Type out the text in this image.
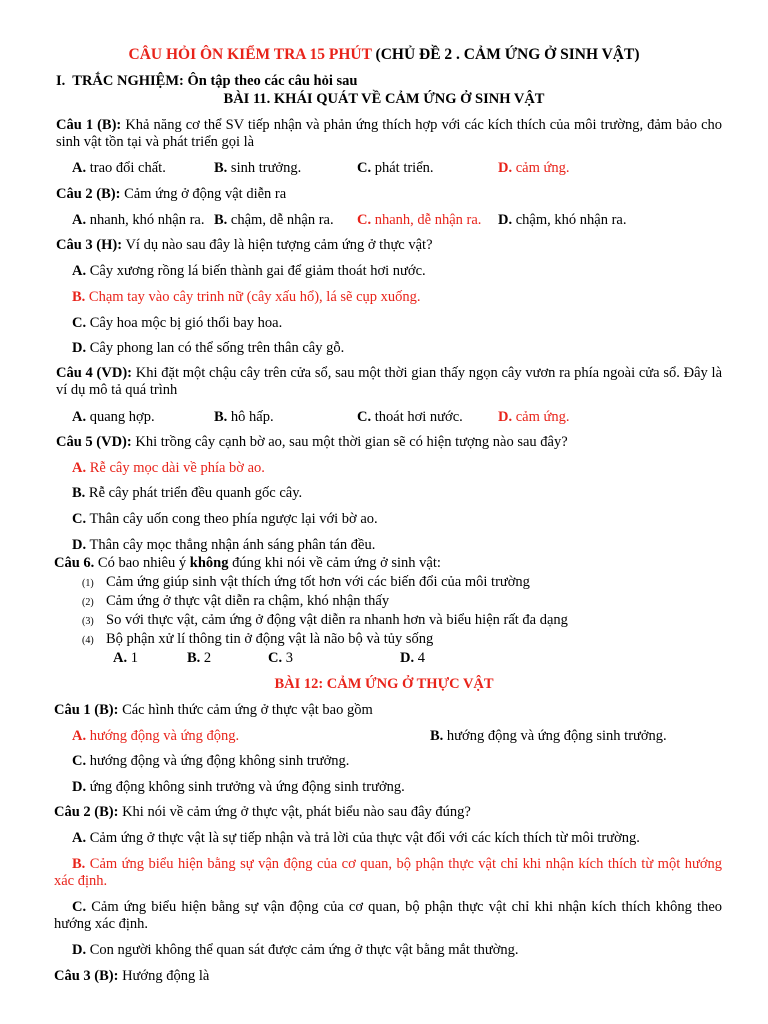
CÂU HỎI ÔN KIỂM TRA 15 PHÚT (CHỦ ĐỀ 2 . CẢM ỨNG Ở SINH VẬT)
I. TRẮC NGHIỆM: Ôn tập theo các câu hỏi sau
BÀI 11. KHÁI QUÁT VỀ CẢM ỨNG Ở SINH VẬT
Câu 1 (B): Khả năng cơ thể SV tiếp nhận và phản ứng thích hợp với các kích thích của môi trường, đảm bảo cho sinh vật tồn tại và phát triển gọi là
A. trao đổi chất.	B. sinh trưởng.	C. phát triển.	D. cảm ứng.
Câu 2 (B): Cảm ứng ở động vật diễn ra
A. nhanh, khó nhận ra. B. chậm, dễ nhận ra. C. nhanh, dễ nhận ra. D. chậm, khó nhận ra.
Câu 3 (H): Ví dụ nào sau đây là hiện tượng cảm ứng ở thực vật?
A. Cây xương rồng lá biến thành gai để giảm thoát hơi nước.
B. Chạm tay vào cây trinh nữ (cây xấu hổ), lá sẽ cụp xuống.
C. Cây hoa mộc bị gió thổi bay hoa.
D. Cây phong lan có thể sống trên thân cây gỗ.
Câu 4 (VD): Khi đặt một chậu cây trên cửa sổ, sau một thời gian thấy ngọn cây vươn ra phía ngoài cửa sổ. Đây là ví dụ mô tả quá trình
A. quang hợp.	B. hô hấp.	C. thoát hơi nước. D. cảm ứng.
Câu 5 (VD): Khi trồng cây cạnh bờ ao, sau một thời gian sẽ có hiện tượng nào sau đây?
A. Rễ cây mọc dài về phía bờ ao.
B. Rễ cây phát triển đều quanh gốc cây.
C. Thân cây uốn cong theo phía ngược lại với bờ ao.
D. Thân cây mọc thẳng nhận ánh sáng phân tán đều.
Câu 6. Có bao nhiêu ý không đúng khi nói về cảm ứng ở sinh vật:
(1) Cảm ứng giúp sinh vật thích ứng tốt hơn với các biến đổi của môi trường
(2) Cảm ứng ở thực vật diễn ra chậm, khó nhận thấy
(3) So với thực vật, cảm ứng ở động vật diễn ra nhanh hơn và biểu hiện rất đa dạng
(4) Bộ phận xử lí thông tin ở động vật là não bộ và tủy sống
A. 1	B. 2	C. 3	D. 4
BÀI 12: CẢM ỨNG Ở THỰC VẬT
Câu 1 (B): Các hình thức cảm ứng ở thực vật bao gồm
A. hướng động và ứng động.	B. hướng động và ứng động sinh trưởng.
C. hướng động và ứng động không sinh trưởng.
D. ứng động không sinh trưởng và ứng động sinh trưởng.
Câu 2 (B): Khi nói về cảm ứng ở thực vật, phát biểu nào sau đây đúng?
A. Cảm ứng ở thực vật là sự tiếp nhận và trả lời của thực vật đối với các kích thích từ môi trường.
B. Cảm ứng biểu hiện bằng sự vận động của cơ quan, bộ phận thực vật chỉ khi nhận kích thích từ một hướng xác định.
C. Cảm ứng biểu hiện bằng sự vận động của cơ quan, bộ phận thực vật chỉ khi nhận kích thích không theo hướng xác định.
D. Con người không thể quan sát được cảm ứng ở thực vật bằng mắt thường.
Câu 3 (B): Hướng động là
